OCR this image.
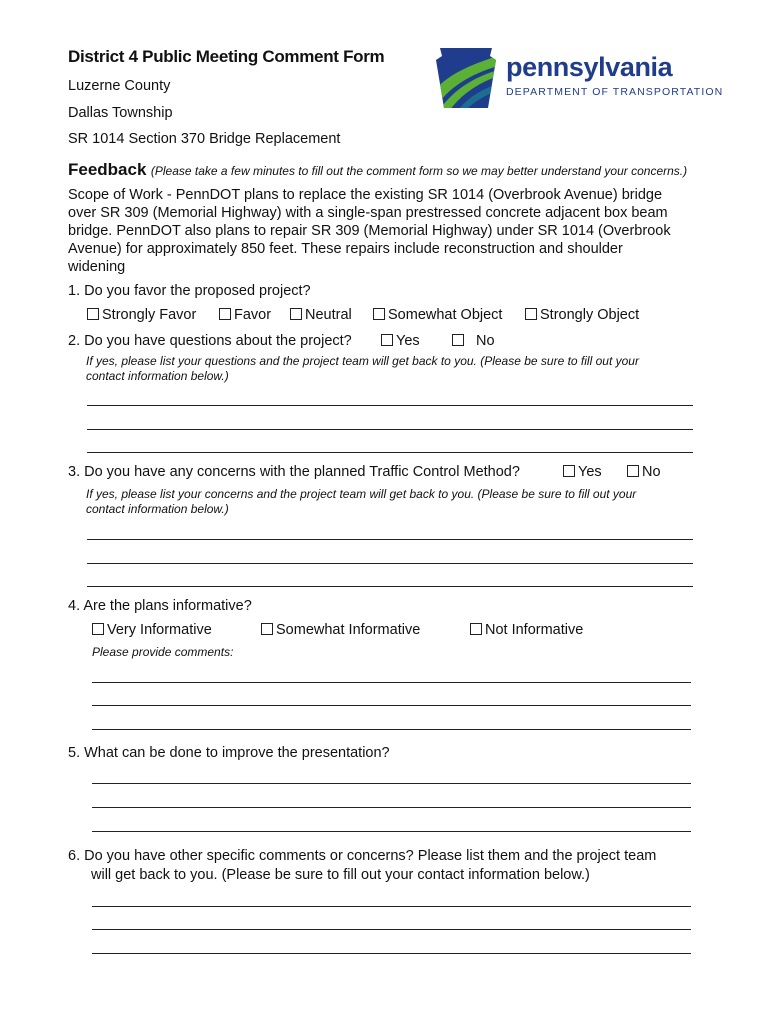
District 4 Public Meeting Comment Form
Luzerne County
Dallas Township
SR 1014 Section 370 Bridge Replacement
pennsylvania
DEPARTMENT OF TRANSPORTATION
Feedback (Please take a few minutes to fill out the comment form so we may better understand your concerns.)
Scope of Work - PennDOT plans to replace the existing SR 1014 (Overbrook Avenue) bridge
over SR 309 (Memorial Highway) with a single-span prestressed concrete adjacent box beam
bridge. PennDOT also plans to repair SR 309 (Memorial Highway) under SR 1014 (Overbrook
Avenue) for approximately 850 feet. These repairs include reconstruction and shoulder
widening
1. Do you favor the proposed project?
Strongly Favor	Favor	Neutral	Somewhat Object	Strongly Object
2. Do you have questions about the project?	Yes	No
If yes, please list your questions and the project team will get back to you. (Please be sure to fill out your
contact information below.)
3. Do you have any concerns with the planned Traffic Control Method?	Yes	No
If yes, please list your concerns and the project team will get back to you. (Please be sure to fill out your
contact information below.)
4. Are the plans informative?
Very Informative	Somewhat Informative	Not Informative
Please provide comments:
5. What can be done to improve the presentation?
6. Do you have other specific comments or concerns? Please list them and the project team
will get back to you. (Please be sure to fill out your contact information below.)
